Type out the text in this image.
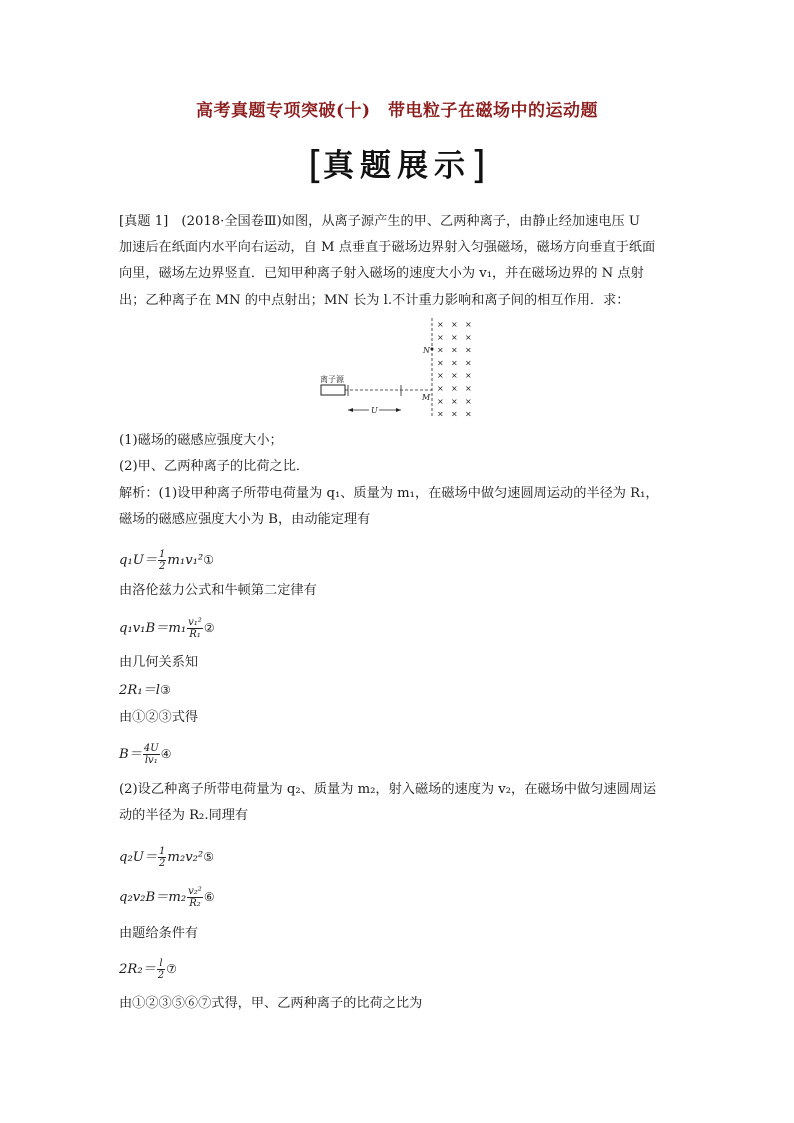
高考真题专项突破(十)　带电粒子在磁场中的运动题
[真题展示]
[真题 1]　(2018·全国卷Ⅲ)如图，从离子源产生的甲、乙两种离子，由静止经加速电压 U
加速后在纸面内水平向右运动，自 M 点垂直于磁场边界射入匀强磁场，磁场方向垂直于纸面
向里，磁场左边界竖直．已知甲种离子射入磁场的速度大小为 v₁，并在磁场边界的 N 点射
出；乙种离子在 MN 的中点射出；MN 长为 l.不计重力影响和离子间的相互作用．求：
离子源
U
N
M
× × ×
× × ×
× × ×
× × ×
× × ×
× × ×
× × ×
× × ×
(1)磁场的磁感应强度大小；
(2)甲、乙两种离子的比荷之比．
解析：(1)设甲种离子所带电荷量为 q₁、质量为 m₁，在磁场中做匀速圆周运动的半径为 R₁，
磁场的磁感应强度大小为 B，由动能定理有
$q_1U= \frac{1}{2}$ m₁v₁²①
由洛伦兹力公式和牛顿第二定律有
$q_1v_1B=m_1 \frac{\text{v₁²}}{\text{R₁}}$ ②
由几何关系知
2R₁＝l③
由①②③式得
$B= \frac{4U}{\text{lv₁}}$ ④
(2)设乙种离子所带电荷量为 q₂、质量为 m₂，射入磁场的速度为 v₂，在磁场中做匀速圆周运
动的半径为 R₂.同理有
$q_2U= \frac{1}{2}$ m₂v₂²⑤
$q_2v_2B=m_2 \frac{\text{v₂²}}{\text{R₂}}$ ⑥
由题给条件有
$2R_2= \frac{l}{2}$ ⑦
由①②③⑤⑥⑦式得，甲、乙两种离子的比荷之比为
